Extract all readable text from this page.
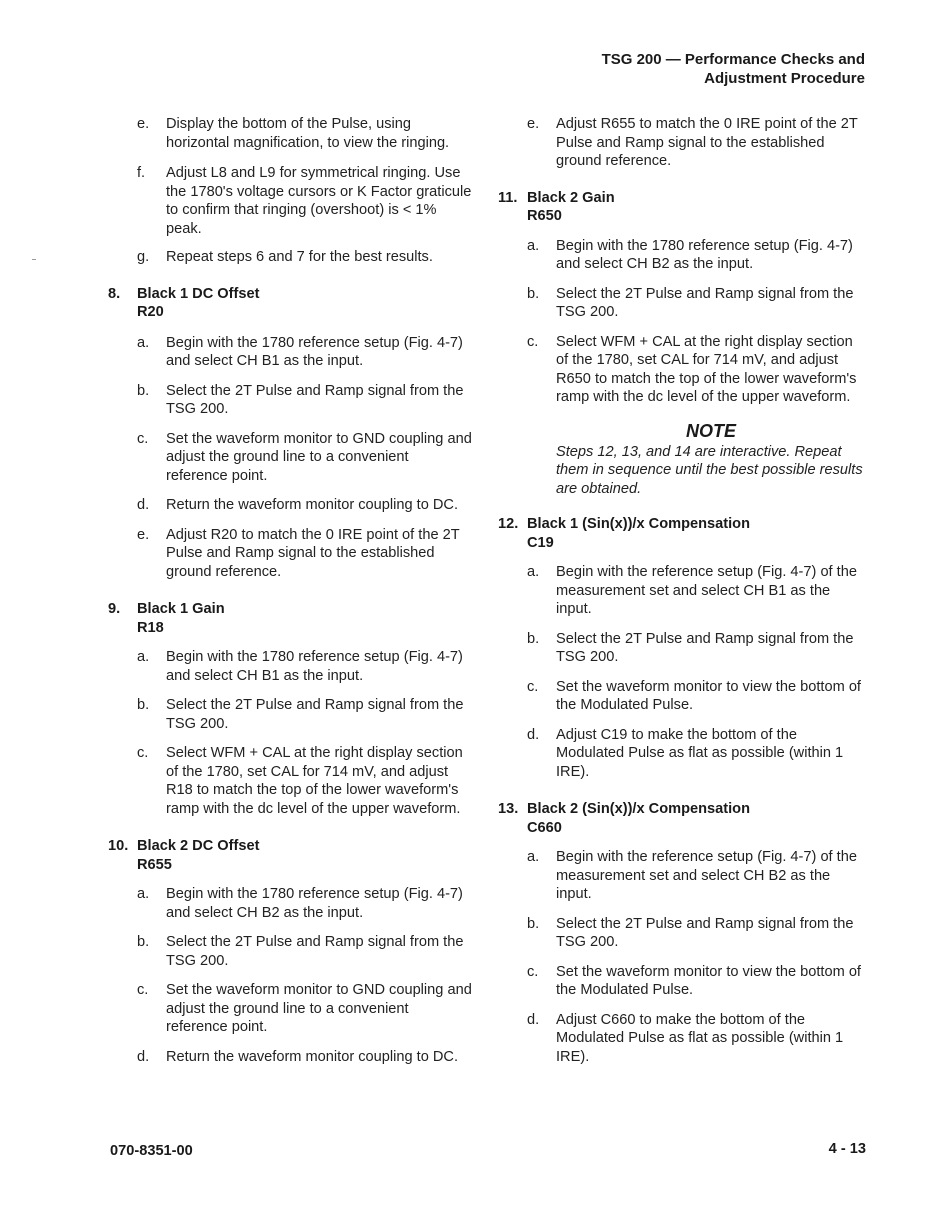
TSG 200 — Performance Checks and
Adjustment Procedure
e.	Display the bottom of the Pulse, using horizontal magnification, to view the ringing.
f.	Adjust L8 and L9 for symmetrical ringing. Use the 1780's voltage cursors or K Factor graticule to confirm that ringing (overshoot) is < 1% peak.
g.	Repeat steps 6 and 7 for the best results.
8. Black 1 DC Offset
R20
a.	Begin with the 1780 reference setup (Fig. 4-7) and select CH B1 as the input.
b.	Select the 2T Pulse and Ramp signal from the TSG 200.
c.	Set the waveform monitor to GND coupling and adjust the ground line to a convenient reference point.
d.	Return the waveform monitor coupling to DC.
e.	Adjust R20 to match the 0 IRE point of the 2T Pulse and Ramp signal to the established ground reference.
9. Black 1 Gain
R18
a.	Begin with the 1780 reference setup (Fig. 4-7) and select CH B1 as the input.
b.	Select the 2T Pulse and Ramp signal from the TSG 200.
c.	Select WFM + CAL at the right display section of the 1780, set CAL for 714 mV, and adjust R18 to match the top of the lower waveform's ramp with the dc level of the upper waveform.
10. Black 2 DC Offset
R655
a.	Begin with the 1780 reference setup (Fig. 4-7) and select CH B2 as the input.
b.	Select the 2T Pulse and Ramp signal from the TSG 200.
c.	Set the waveform monitor to GND coupling and adjust the ground line to a convenient reference point.
d.	Return the waveform monitor coupling to DC.
e.	Adjust R655 to match the 0 IRE point of the 2T Pulse and Ramp signal to the established ground reference.
11. Black 2 Gain
R650
a.	Begin with the 1780 reference setup (Fig. 4-7) and select CH B2 as the input.
b.	Select the 2T Pulse and Ramp signal from the TSG 200.
c.	Select WFM + CAL at the right display section of the 1780, set CAL for 714 mV, and adjust R650 to match the top of the lower waveform's ramp with the dc level of the upper waveform.
NOTE
Steps 12, 13, and 14 are interactive. Repeat them in sequence until the best possible results are obtained.
12. Black 1 (Sin(x))/x Compensation
C19
a.	Begin with the reference setup (Fig. 4-7) of the measurement set and select CH B1 as the input.
b.	Select the 2T Pulse and Ramp signal from the TSG 200.
c.	Set the waveform monitor to view the bottom of the Modulated Pulse.
d.	Adjust C19 to make the bottom of the Modulated Pulse as flat as possible (within 1 IRE).
13. Black 2 (Sin(x))/x Compensation
C660
a.	Begin with the reference setup (Fig. 4-7) of the measurement set and select CH B2 as the input.
b.	Select the 2T Pulse and Ramp signal from the TSG 200.
c.	Set the waveform monitor to view the bottom of the Modulated Pulse.
d.	Adjust C660 to make the bottom of the Modulated Pulse as flat as possible (within 1 IRE).
070-8351-00	4 - 13
